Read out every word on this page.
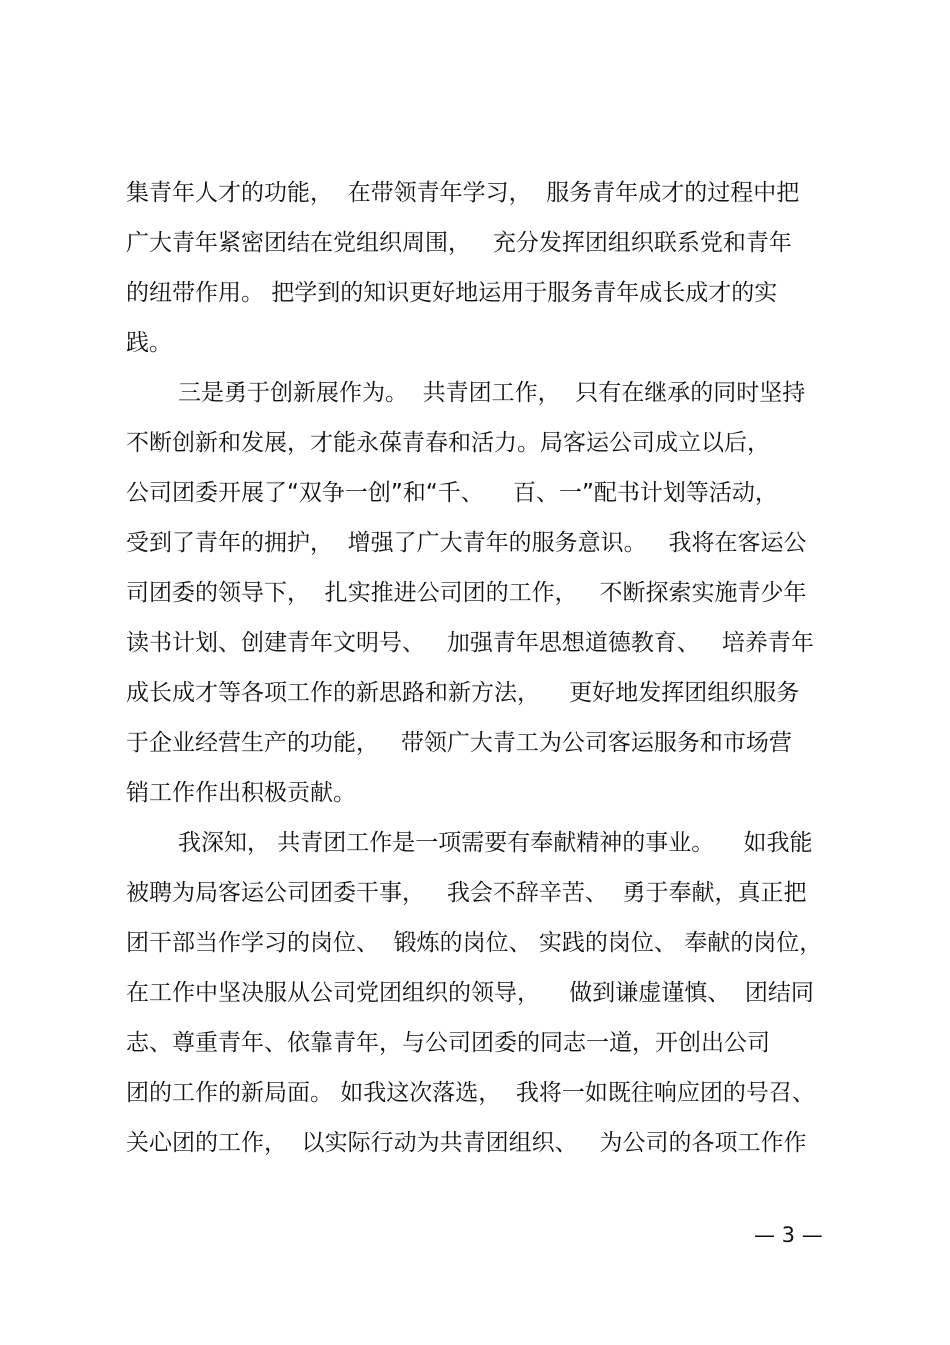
集青年人才的功能，  在带领青年学习，  服务青年成才的过程中把
广大青年紧密团结在党组织周围，   充分发挥团组织联系党和青年
的纽带作用。 把学到的知识更好地运用于服务青年成长成才的实
践。
三是勇于创新展作为。  共青团工作，  只有在继承的同时坚持
不断创新和发展，才能永葆青春和活力。局客运公司成立以后，
公司团委开展了“双争一创”和“千、    百、一”配书计划等活动，
受到了青年的拥护，  增强了广大青年的服务意识。   我将在客运公
司团委的领导下，  扎实推进公司团的工作，   不断探索实施青少年
读书计划、创建青年文明号、   加强青年思想道德教育、   培养青年
成长成才等各项工作的新思路和新方法，    更好地发挥团组织服务
于企业经营生产的功能，   带领广大青工为公司客运服务和市场营
销工作作出积极贡献。
我深知， 共青团工作是一项需要有奉献精神的事业。    如我能
被聘为局客运公司团委干事，   我会不辞辛苦、  勇于奉献，真正把
团干部当作学习的岗位、  锻炼的岗位、 实践的岗位、 奉献的岗位，
在工作中坚决服从公司党团组织的领导，    做到谦虚谨慎、  团结同
志、尊重青年、依靠青年，与公司团委的同志一道，开创出公司
团的工作的新局面。 如我这次落选，  我将一如既往响应团的号召、
关心团的工作，  以实际行动为共青团组织、   为公司的各项工作作
— 3 —
